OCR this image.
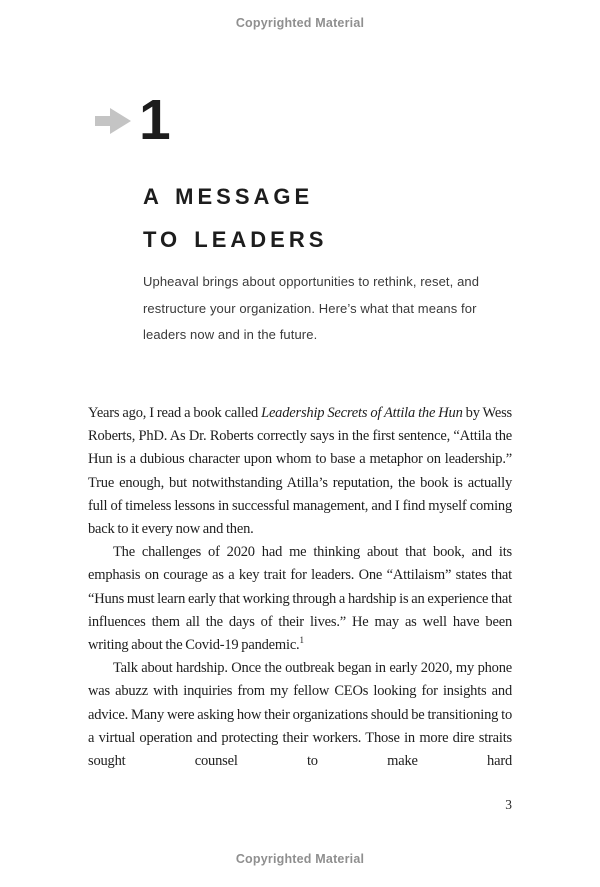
Copyrighted Material
1
A MESSAGE
TO LEADERS

Upheaval brings about opportunities to rethink, reset, and restructure your organization. Here’s what that means for leaders now and in the future.

Years ago, I read a book called Leadership Secrets of Attila the Hun by Wess Roberts, PhD. As Dr. Roberts correctly says in the first sentence, “Attila the Hun is a dubious character upon whom to base a metaphor on leadership.” True enough, but notwithstanding Atilla’s reputation, the book is actually full of timeless lessons in successful management, and I find myself coming back to it every now and then.

The challenges of 2020 had me thinking about that book, and its emphasis on courage as a key trait for leaders. One “Attilaism” states that “Huns must learn early that working through a hardship is an experience that influences them all the days of their lives.” He may as well have been writing about the Covid-19 pandemic.$^1$

Talk about hardship. Once the outbreak began in early 2020, my phone was abuzz with inquiries from my fellow CEOs looking for insights and advice. Many were asking how their organizations should be transitioning to a virtual operation and protecting their workers. Those in more dire straits sought counsel to make hard

3
Copyrighted Material
